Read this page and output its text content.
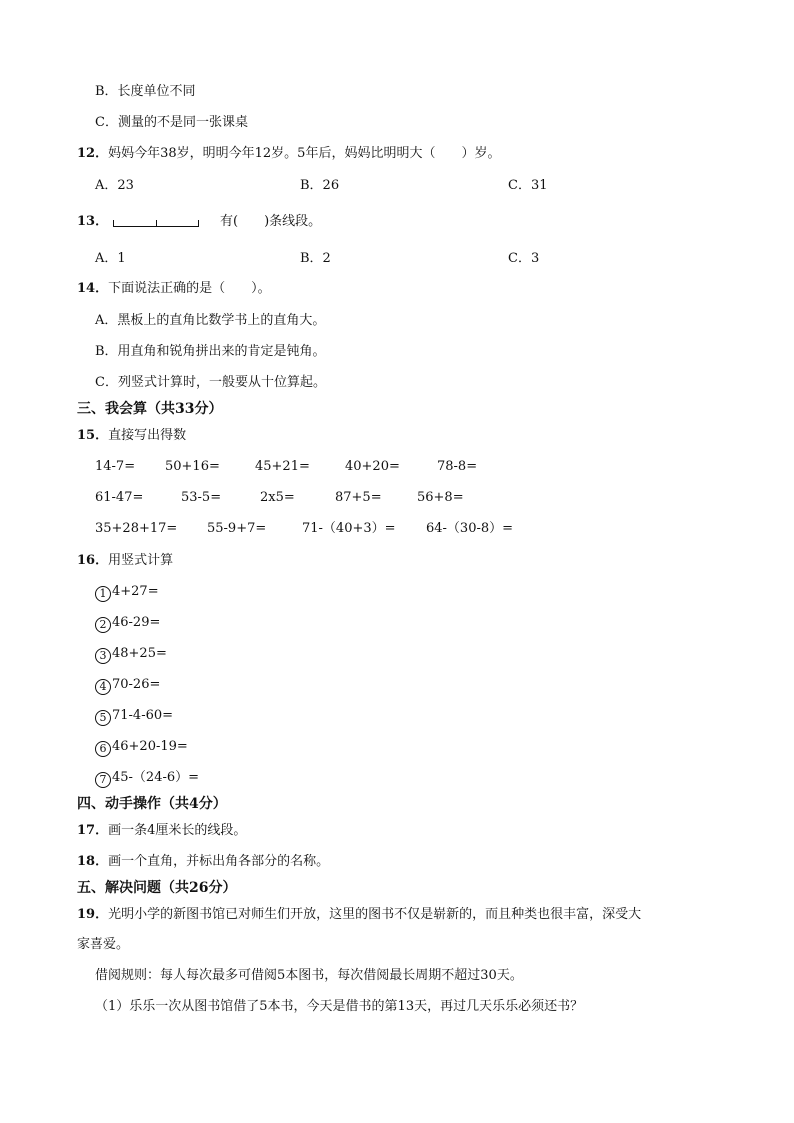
B．长度单位不同
C．测量的不是同一张课桌
12．妈妈今年38岁，明明今年12岁。5年后，妈妈比明明大（　　）岁。
A．23	B．26	C．31
13．	有(　　)条线段。
A．1	B．2	C．3
14．下面说法正确的是（　　）。
A．黑板上的直角比数学书上的直角大。
B．用直角和锐角拼出来的肯定是钝角。
C．列竖式计算时，一般要从十位算起。
三、我会算（共33分）
15．直接写出得数
14-7= 50+16=	45+21=	40+20=	78-8=
61-47=	53-5=	2x5=	87+5=	56+8=
35+28+17= 55-9+7=	71-（40+3）= 64-（30-8）=
16．用竖式计算
1 4+27=
2 46-29=
3 48+25=
4 70-26=
5 71-4-60=
6 46+20-19=
7 45-（24-6）=
四、动手操作（共4分）
17．画一条4厘米长的线段。
18．画一个直角，并标出角各部分的名称。
五、解决问题（共26分）
19．光明小学的新图书馆已对师生们开放，这里的图书不仅是崭新的，而且种类也很丰富，深受大
家喜爱。
借阅规则：每人每次最多可借阅5本图书，每次借阅最长周期不超过30天。
（1）乐乐一次从图书馆借了5本书，今天是借书的第13天，再过几天乐乐必须还书？
